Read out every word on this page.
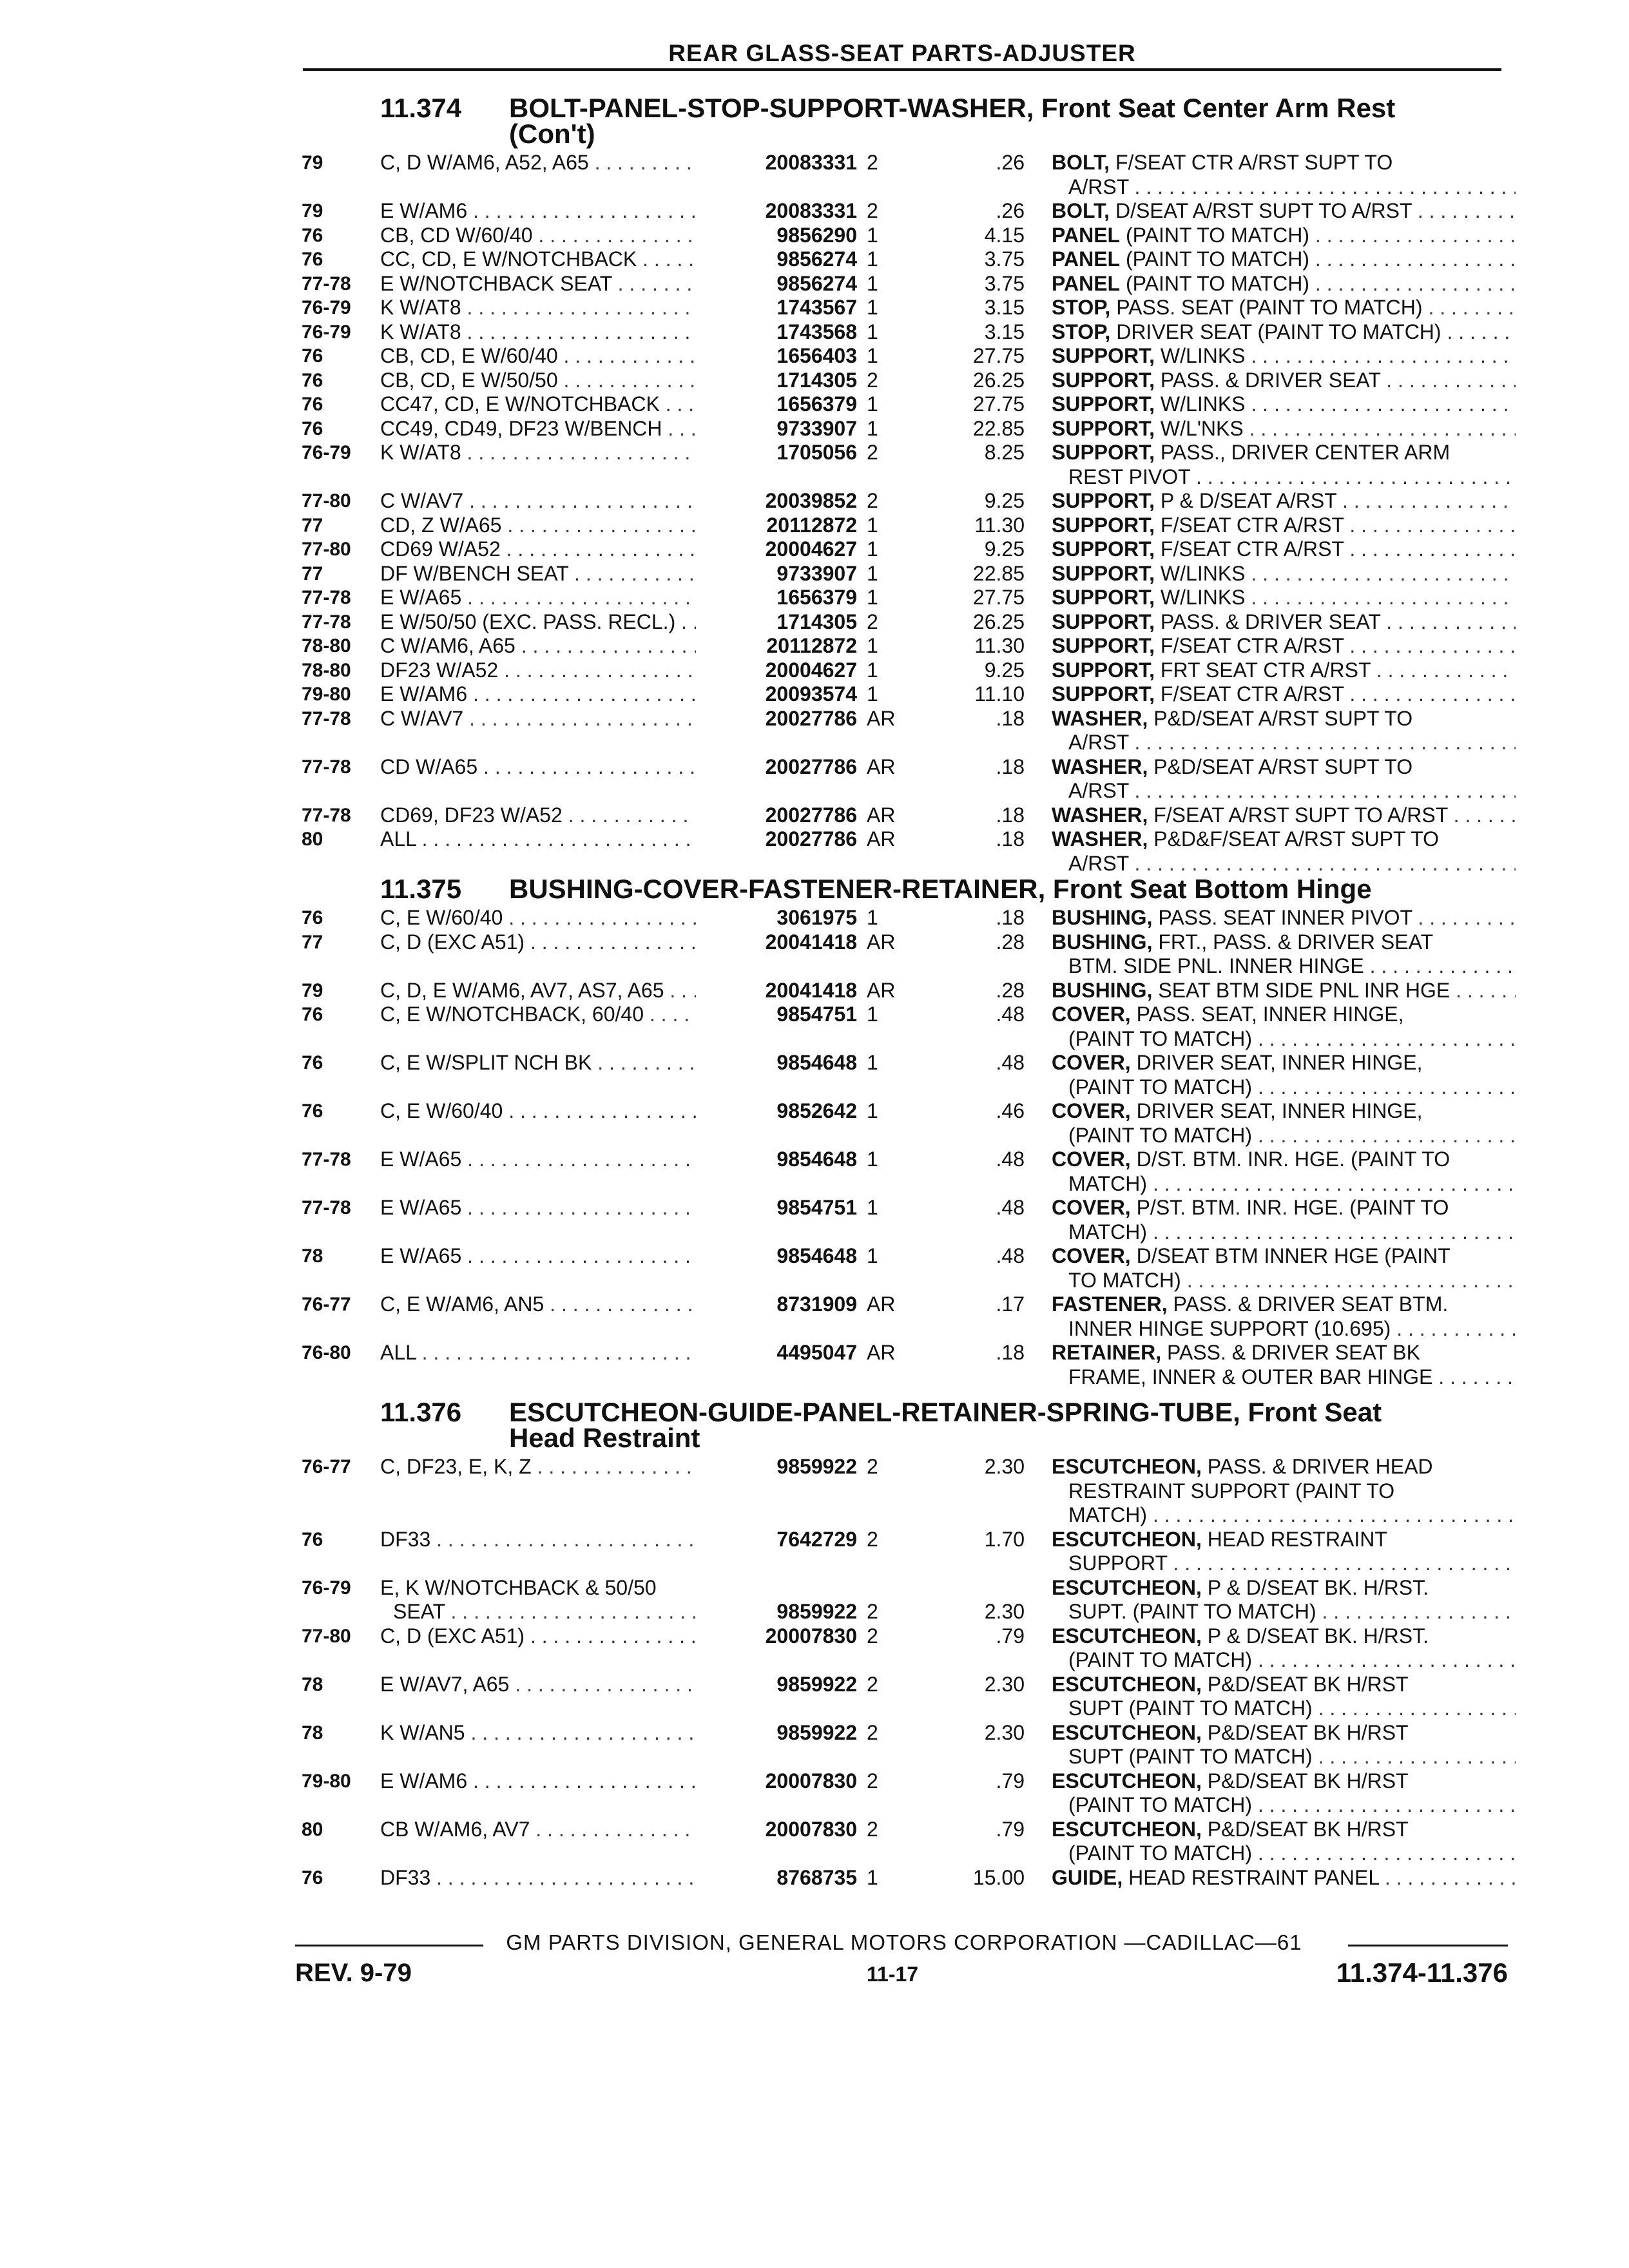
REAR GLASS-SEAT PARTS-ADJUSTER
11.374 BOLT-PANEL-STOP-SUPPORT-WASHER, Front Seat Center Arm Rest
(Con't)
79	C, D W/AM6, A52, A65 . . .	20083331 2	.26 BOLT, F/SEAT CTR A/RST SUPT TO
A/RST . . .
79	E W/AM6 . . .	20083331 2	.26 BOLT, D/SEAT A/RST SUPT TO A/RST . . .
76	CB, CD W/60/40 . . .	9856290 1	4.15 PANEL (PAINT TO MATCH) . . .
76	CC, CD, E W/NOTCHBACK . . .	9856274 1	3.75 PANEL (PAINT TO MATCH) . . .
77-78	E W/NOTCHBACK SEAT . . .	9856274 1	3.75 PANEL (PAINT TO MATCH) . . .
76-79	K W/AT8 . . .	1743567 1	3.15 STOP, PASS. SEAT (PAINT TO MATCH) . . .
76-79	K W/AT8 . . .	1743568 1	3.15 STOP, DRIVER SEAT (PAINT TO MATCH) . . .
76	CB, CD, E W/60/40 . . .	1656403 1	27.75 SUPPORT, W/LINKS . . .
76	CB, CD, E W/50/50 . . .	1714305 2	26.25 SUPPORT, PASS. & DRIVER SEAT . . .
76	CC47, CD, E W/NOTCHBACK . . .	1656379 1	27.75 SUPPORT, W/LINKS . . .
76	CC49, CD49, DF23 W/BENCH . . .	9733907 1	22.85 SUPPORT, W/L'NKS . . .
76-79	K W/AT8 . . .	1705056 2	8.25 SUPPORT, PASS., DRIVER CENTER ARM
REST PIVOT . . .
77-80	C W/AV7 . . .	20039852 2	9.25 SUPPORT, P & D/SEAT A/RST . . .
77	CD, Z W/A65 . . .	20112872 1	11.30 SUPPORT, F/SEAT CTR A/RST . . .
77-80	CD69 W/A52 . . .	20004627 1	9.25 SUPPORT, F/SEAT CTR A/RST . . .
77	DF W/BENCH SEAT . . .	9733907 1	22.85 SUPPORT, W/LINKS . . .
77-78	E W/A65 . . .	1656379 1	27.75 SUPPORT, W/LINKS . . .
77-78	E W/50/50 (EXC. PASS. RECL.) . . .	1714305 2	26.25 SUPPORT, PASS. & DRIVER SEAT . . .
78-80	C W/AM6, A65 . . .	20112872 1	11.30 SUPPORT, F/SEAT CTR A/RST . . .
78-80	DF23 W/A52 . . .	20004627 1	9.25 SUPPORT, FRT SEAT CTR A/RST . . .
79-80	E W/AM6 . . .	20093574 1	11.10 SUPPORT, F/SEAT CTR A/RST . . .
77-78	C W/AV7 . . .	20027786 AR	.18 WASHER, P&D/SEAT A/RST SUPT TO
A/RST . . .
77-78	CD W/A65 . . .	20027786 AR	.18 WASHER, P&D/SEAT A/RST SUPT TO
A/RST . . .
77-78	CD69, DF23 W/A52 . . .	20027786 AR	.18 WASHER, F/SEAT A/RST SUPT TO A/RST . . .
80	ALL . . .	20027786 AR	.18 WASHER, P&D&F/SEAT A/RST SUPT TO
A/RST . . .
11.375 BUSHING-COVER-FASTENER-RETAINER, Front Seat Bottom Hinge
76	C, E W/60/40 . . .	3061975 1	.18 BUSHING, PASS. SEAT INNER PIVOT . . .
77	C, D (EXC A51) . . .	20041418 AR	.28 BUSHING, FRT., PASS. & DRIVER SEAT
BTM. SIDE PNL. INNER HINGE . . .
79	C, D, E W/AM6, AV7, AS7, A65 . . .	20041418 AR	.28 BUSHING, SEAT BTM SIDE PNL INR HGE . . .
76	C, E W/NOTCHBACK, 60/40 . . .	9854751 1	.48 COVER, PASS. SEAT, INNER HINGE,
(PAINT TO MATCH) . . .
76	C, E W/SPLIT NCH BK . . .	9854648 1	.48 COVER, DRIVER SEAT, INNER HINGE,
(PAINT TO MATCH) . . .
76	C, E W/60/40 . . .	9852642 1	.46 COVER, DRIVER SEAT, INNER HINGE,
(PAINT TO MATCH) . . .
77-78	E W/A65 . . .	9854648 1	.48 COVER, D/ST. BTM. INR. HGE. (PAINT TO
MATCH) . . .
77-78	E W/A65 . . .	9854751 1	.48 COVER, P/ST. BTM. INR. HGE. (PAINT TO
MATCH) . . .
78	E W/A65 . . .	9854648 1	.48 COVER, D/SEAT BTM INNER HGE (PAINT
TO MATCH) . . .
76-77	C, E W/AM6, AN5 . . .	8731909 AR	.17 FASTENER, PASS. & DRIVER SEAT BTM.
INNER HINGE SUPPORT (10.695) . . .
76-80	ALL . . .	4495047 AR	.18 RETAINER, PASS. & DRIVER SEAT BK
FRAME, INNER & OUTER BAR HINGE . . .
11.376 ESCUTCHEON-GUIDE-PANEL-RETAINER-SPRING-TUBE, Front Seat
Head Restraint
76-77	C, DF23, E, K, Z . . .	9859922 2	2.30 ESCUTCHEON, PASS. & DRIVER HEAD
RESTRAINT SUPPORT (PAINT TO
MATCH) . . .
76	DF33 . . .	7642729 2	1.70 ESCUTCHEON, HEAD RESTRAINT
SUPPORT . . .
76-79	E, K W/NOTCHBACK & 50/50
SEAT . . .	9859922 2	2.30
ESCUTCHEON, P & D/SEAT BK. H/RST.
SUPT. (PAINT TO MATCH) . . .
77-80	C, D (EXC A51) . . .	20007830 2	.79 ESCUTCHEON, P & D/SEAT BK. H/RST.
(PAINT TO MATCH) . . .
78	E W/AV7, A65 . . .	9859922 2	2.30 ESCUTCHEON, P&D/SEAT BK H/RST
SUPT (PAINT TO MATCH) . . .
78	K W/AN5 . . .	9859922 2	2.30 ESCUTCHEON, P&D/SEAT BK H/RST
SUPT (PAINT TO MATCH) . . .
79-80	E W/AM6 . . .	20007830 2	.79 ESCUTCHEON, P&D/SEAT BK H/RST
(PAINT TO MATCH) . . .
80	CB W/AM6, AV7 . . .	20007830 2	.79 ESCUTCHEON, P&D/SEAT BK H/RST
(PAINT TO MATCH) . . .
76	DF33 . . .	8768735 1	15.00 GUIDE, HEAD RESTRAINT PANEL . . .
GM PARTS DIVISION, GENERAL MOTORS CORPORATION —CADILLAC—61
REV. 9-79	11-17	11.374-11.376
